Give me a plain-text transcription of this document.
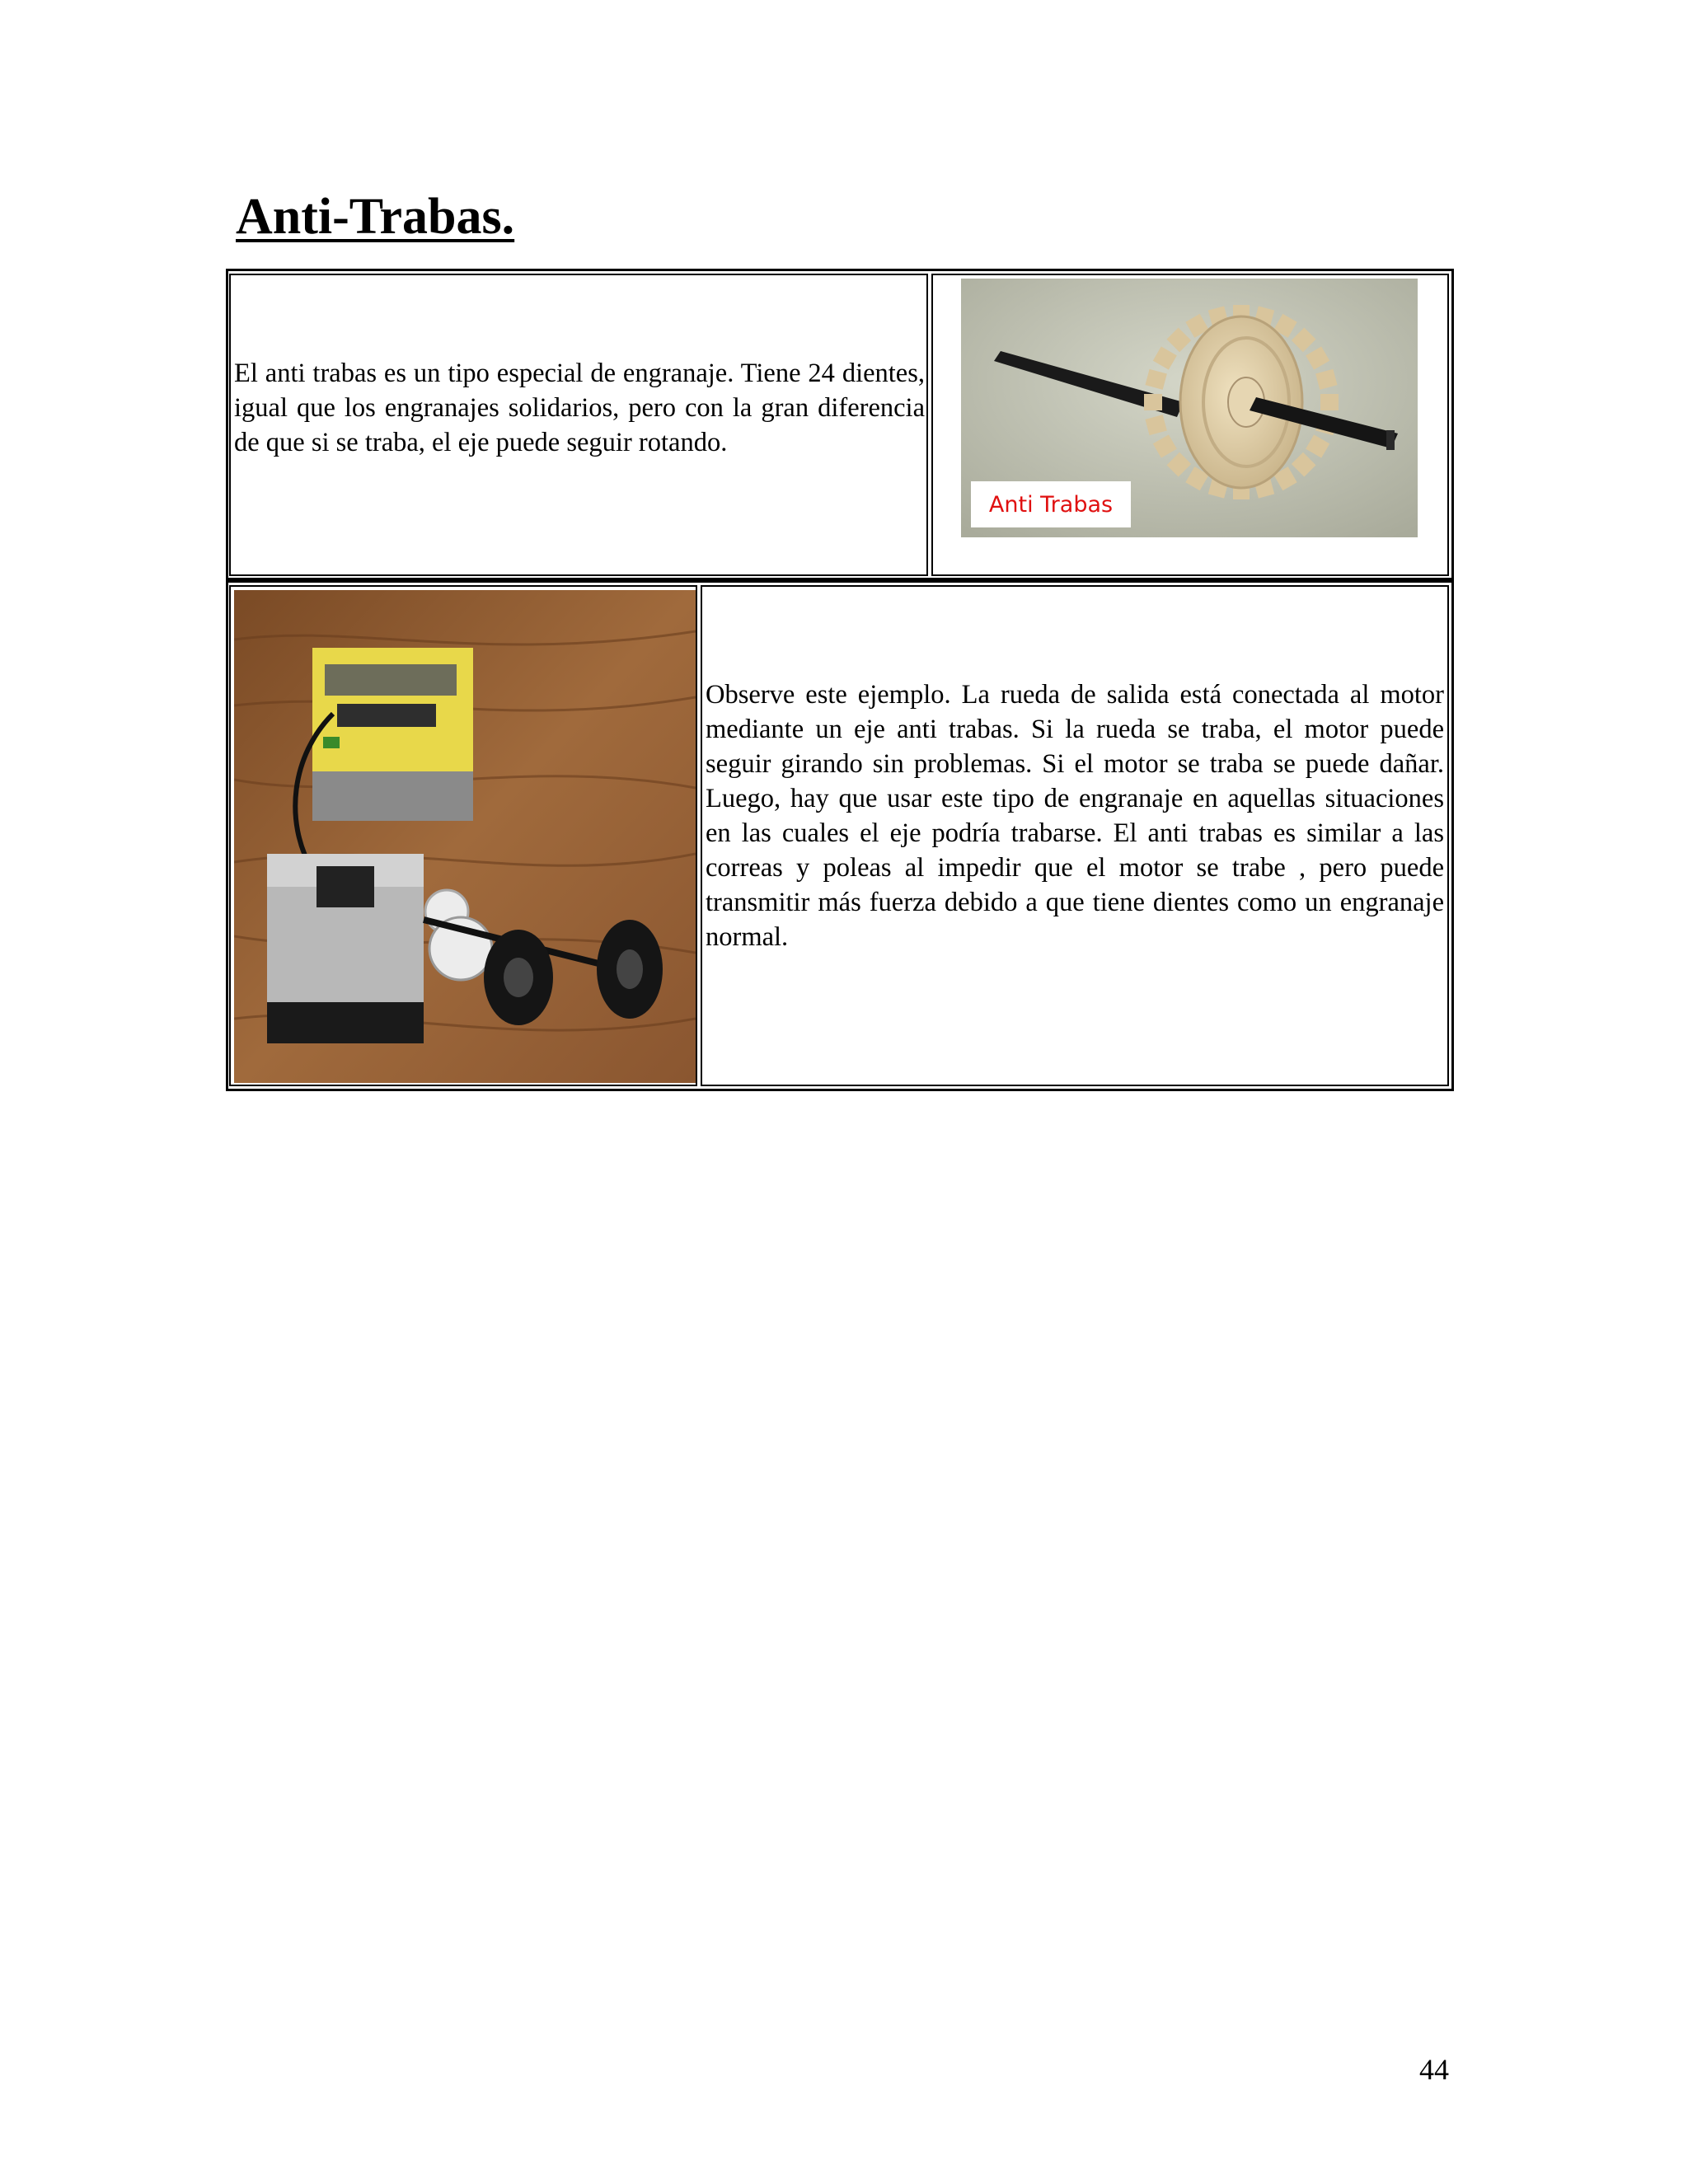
Anti-Trabas.
El anti trabas es un tipo especial de engranaje. Tiene 24 dientes, igual que los engranajes solidarios, pero con la gran diferencia de que si se traba, el eje puede seguir rotando.
Anti Trabas
Observe este ejemplo. La rueda de salida está conectada al motor mediante un eje anti trabas. Si la rueda se traba, el motor puede seguir girando sin problemas. Si el motor se traba se puede dañar. Luego, hay que usar este tipo de engranaje en aquellas situaciones en las cuales el eje podría trabarse. El anti trabas es similar a las correas y poleas al impedir que el motor se trabe , pero puede transmitir más fuerza debido a que tiene dientes como un engranaje normal.
44
